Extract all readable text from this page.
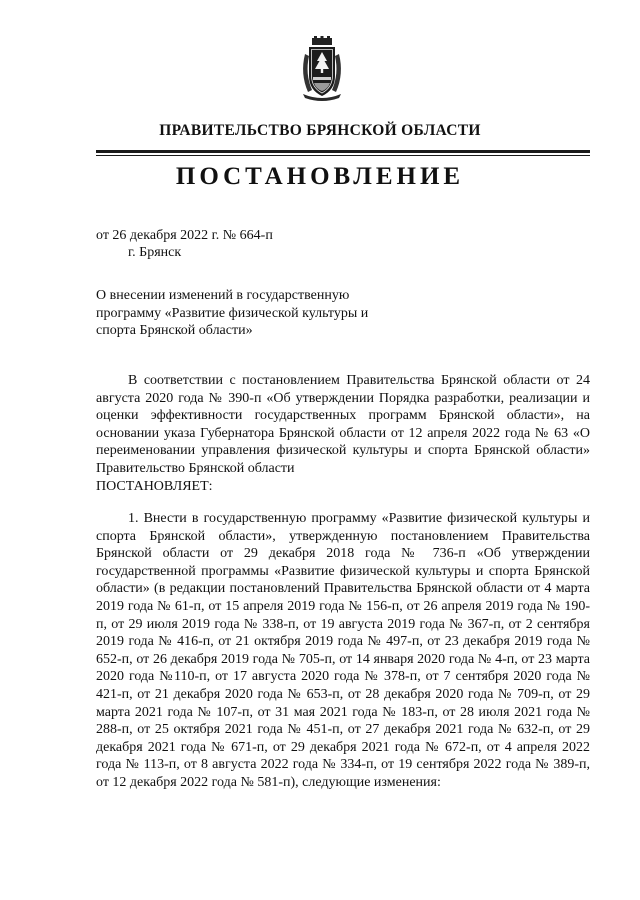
ПРАВИТЕЛЬСТВО БРЯНСКОЙ ОБЛАСТИ
ПОСТАНОВЛЕНИЕ
от 26 декабря 2022 г. № 664-п
г. Брянск
О внесении изменений в государственную программу «Развитие физической культуры и спорта Брянской области»
В соответствии с постановлением Правительства Брянской области от 24 августа 2020 года № 390-п «Об утверждении Порядка разработки, реализации и оценки эффективности государственных программ Брянской области», на основании указа Губернатора Брянской области от 12 апреля 2022 года № 63 «О переименовании управления физической культуры и спорта Брянской области» Правительство Брянской области
ПОСТАНОВЛЯЕТ:
1. Внести в государственную программу «Развитие физической культуры и спорта Брянской области», утвержденную постановлением Правительства Брянской области от 29 декабря 2018 года № 736-п «Об утверждении государственной программы «Развитие физической культуры и спорта Брянской области» (в редакции постановлений Правительства Брянской области от 4 марта 2019 года № 61-п, от 15 апреля 2019 года № 156-п, от 26 апреля 2019 года № 190-п, от 29 июля 2019 года № 338-п, от 19 августа 2019 года № 367-п, от 2 сентября 2019 года № 416-п, от 21 октября 2019 года № 497-п, от 23 декабря 2019 года № 652-п, от 26 декабря 2019 года № 705-п, от 14 января 2020 года № 4-п, от 23 марта 2020 года №110-п, от 17 августа 2020 года № 378-п, от 7 сентября 2020 года № 421-п, от 21 декабря 2020 года № 653-п, от 28 декабря 2020 года № 709-п, от 29 марта 2021 года № 107-п, от 31 мая 2021 года № 183-п, от 28 июля 2021 года № 288-п, от 25 октября 2021 года № 451-п, от 27 декабря 2021 года № 632-п, от 29 декабря 2021 года № 671-п, от 29 декабря 2021 года № 672-п, от 4 апреля 2022 года № 113-п, от 8 августа 2022 года № 334-п, от 19 сентября 2022 года № 389-п, от 12 декабря 2022 года № 581-п), следующие изменения:
